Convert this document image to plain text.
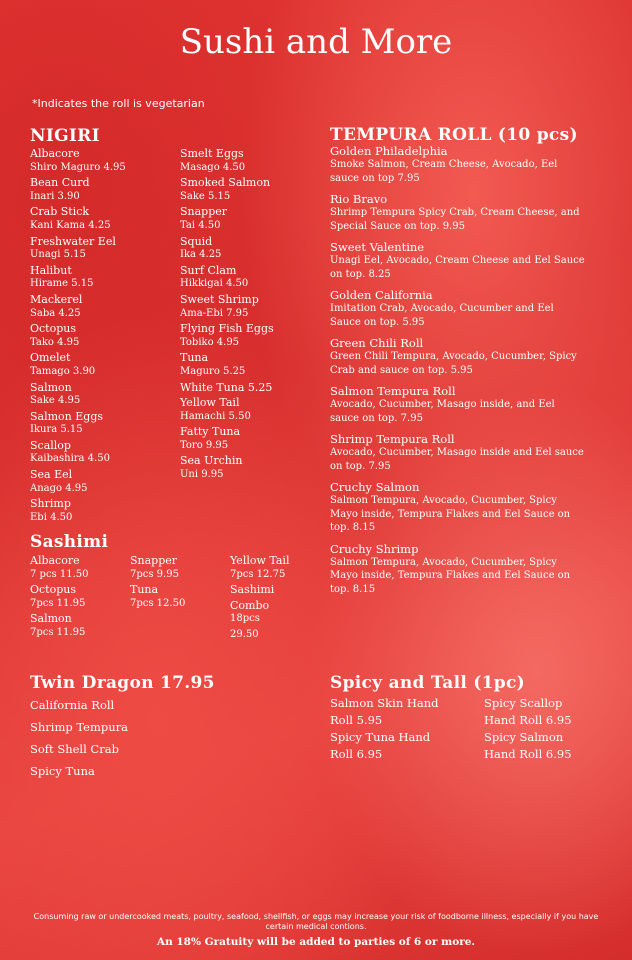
Sushi and More
*Indicates the roll is vegetarian
NIGIRI
Albacore
Shiro Maguro 4.95
Bean Curd
Inari 3.90
Crab Stick
Kani Kama 4.25
Freshwater Eel
Unagi 5.15
Halibut
Hirame 5.15
Mackerel
Saba 4.25
Octopus
Tako 4.95
Omelet
Tamago 3.90
Salmon
Sake 4.95
Salmon Eggs
Ikura 5.15
Scallop
Kaibashira 4.50
Sea Eel
Anago 4.95
Shrimp
Ebi 4.50
Smelt Eggs
Masago 4.50
Smoked Salmon
Sake 5.15
Snapper
Tai 4.50
Squid
Ika 4.25
Surf Clam
Hikkigai 4.50
Sweet Shrimp
Ama-Ebi 7.95
Flying Fish Eggs
Tobiko 4.95
Tuna
Maguro 5.25
White Tuna 5.25
Yellow Tail
Hamachi 5.50
Fatty Tuna
Toro 9.95
Sea Urchin
Uni 9.95
Sashimi
Albacore
7 pcs 11.50
Octopus
7pcs 11.95
Salmon
7pcs 11.95
Snapper
7pcs 9.95
Tuna
7pcs 12.50
Yellow Tail
7pcs 12.75
Sashimi
Combo
18pcs
29.50
TEMPURA ROLL (10 pcs)
Golden Philadelphia
Smoke Salmon, Cream Cheese, Avocado, Eel sauce on top 7.95
Rio Bravo
Shrimp Tempura Spicy Crab, Cream Cheese, and Special Sauce on top. 9.95
Sweet Valentine
Unagi Eel, Avocado, Cream Cheese and Eel Sauce on top. 8.25
Golden California
Imitation Crab, Avocado, Cucumber and Eel Sauce on top. 5.95
Green Chili Roll
Green Chili Tempura, Avocado, Cucumber, Spicy Crab and sauce on top. 5.95
Salmon Tempura Roll
Avocado, Cucumber, Masago inside, and Eel sauce on top. 7.95
Shrimp Tempura Roll
Avocado, Cucumber, Masago inside and Eel sauce on top. 7.95
Cruchy Salmon
Salmon Tempura, Avocado, Cucumber, Spicy Mayo inside, Tempura Flakes and Eel Sauce on top. 8.15
Cruchy Shrimp
Salmon Tempura, Avocado, Cucumber, Spicy Mayo inside, Tempura Flakes and Eel Sauce on top. 8.15
Twin Dragon 17.95
California Roll
Shrimp Tempura
Soft Shell Crab
Spicy Tuna
Spicy and Tall (1pc)
Salmon Skin Hand
Roll 5.95
Spicy Tuna Hand
Roll 6.95
Spicy Scallop
Hand Roll 6.95
Spicy Salmon
Hand Roll 6.95
Consuming raw or undercooked meats, poultry, seafood, shellfish, or eggs may increase your risk of foodborne illness, especially if you have certain medical contions.
An 18% Gratuity will be added to parties of 6 or more.
